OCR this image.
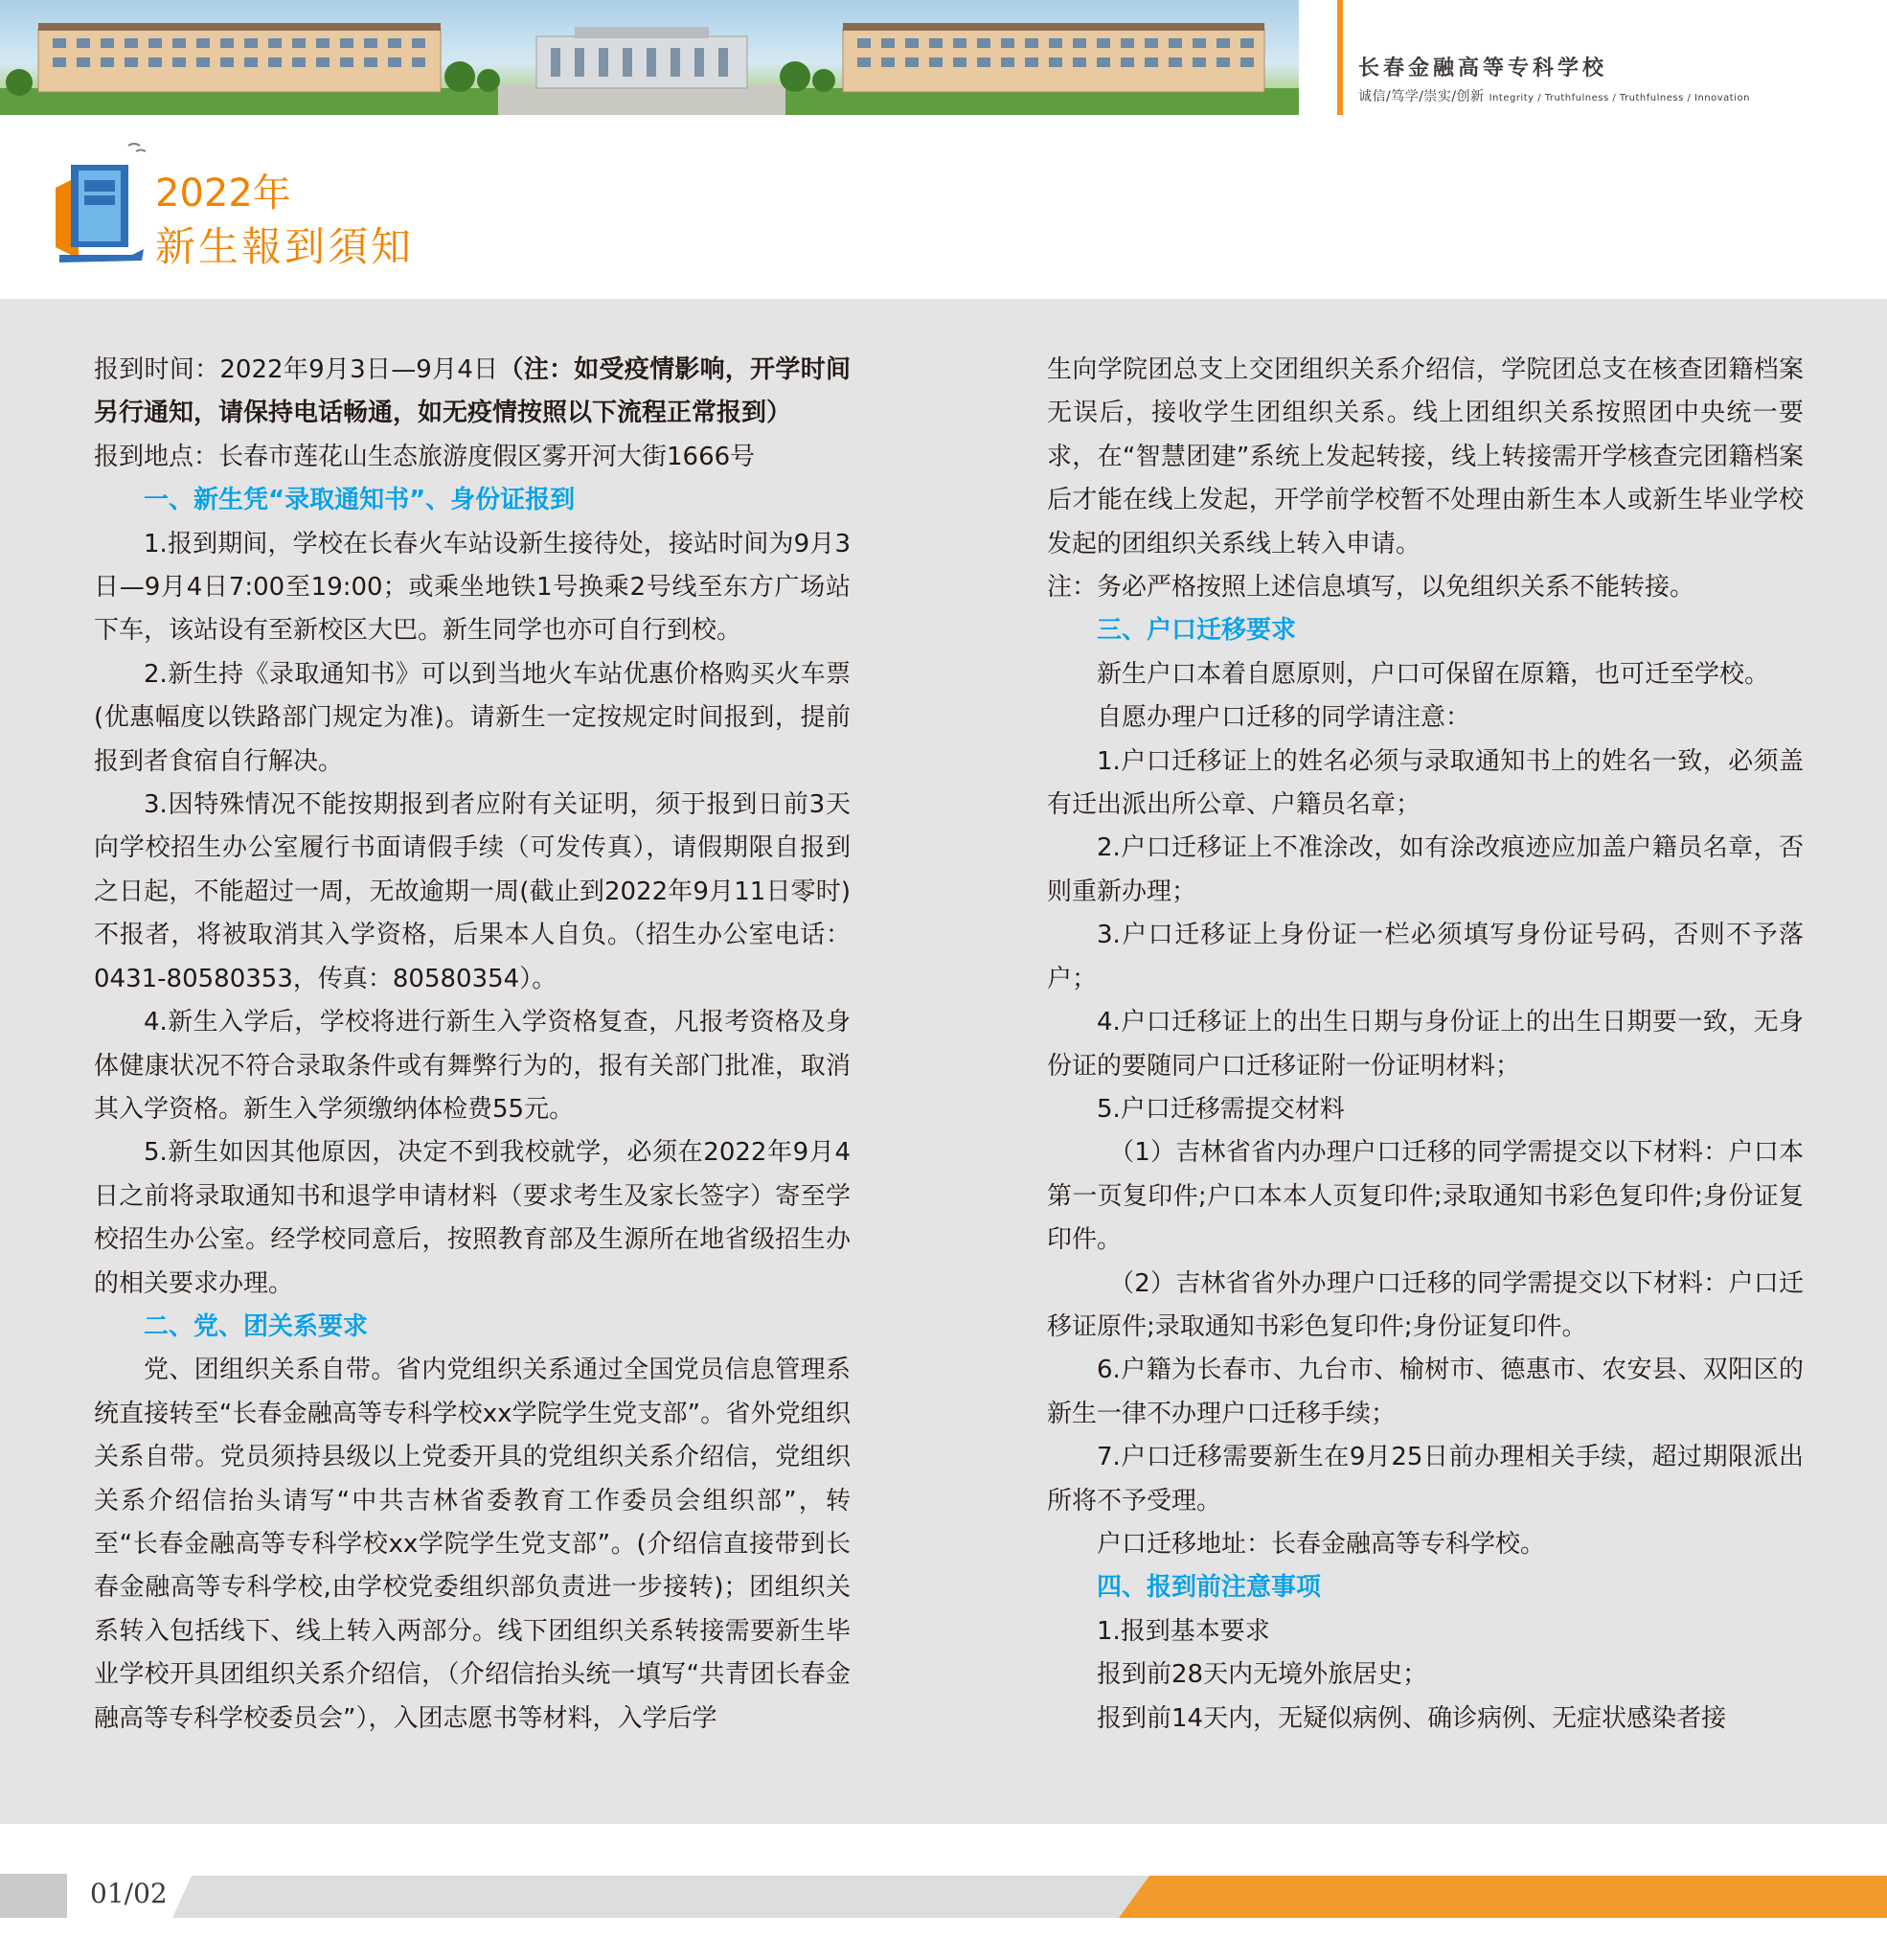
长春金融高等专科学校
诚信/笃学/崇实/创新 Integrity / Truthfulness / Truthfulness / Innovation
2022年
新生報到須知

报到时间：2022年9月3日—9月4日（注：如受疫情影响，开学时间另行通知，请保持电话畅通，如无疫情按照以下流程正常报到）

报到地点：长春市莲花山生态旅游度假区雾开河大街1666号

一、新生凭“录取通知书”、身份证报到

1.报到期间，学校在长春火车站设新生接待处，接站时间为9月3日—9月4日7:00至19:00；或乘坐地铁1号换乘2号线至东方广场站下车，该站设有至新校区大巴。新生同学也亦可自行到校。

2.新生持《录取通知书》可以到当地火车站优惠价格购买火车票(优惠幅度以铁路部门规定为准)。请新生一定按规定时间报到，提前报到者食宿自行解决。

3.因特殊情况不能按期报到者应附有关证明，须于报到日前3天向学校招生办公室履行书面请假手续（可发传真），请假期限自报到之日起，不能超过一周，无故逾期一周(截止到2022年9月11日零时)不报者，将被取消其入学资格，后果本人自负。（招生办公室电话：0431-80580353，传真：80580354）。

4.新生入学后，学校将进行新生入学资格复查，凡报考资格及身体健康状况不符合录取条件或有舞弊行为的，报有关部门批准，取消其入学资格。新生入学须缴纳体检费55元。

5.新生如因其他原因，决定不到我校就学，必须在2022年9月4日之前将录取通知书和退学申请材料（要求考生及家长签字）寄至学校招生办公室。经学校同意后，按照教育部及生源所在地省级招生办的相关要求办理。

二、党、团关系要求

党、团组织关系自带。省内党组织关系通过全国党员信息管理系统直接转至“长春金融高等专科学校xx学院学生党支部”。省外党组织关系自带。党员须持县级以上党委开具的党组织关系介绍信，党组织关系介绍信抬头请写“中共吉林省委教育工作委员会组织部”，转至“长春金融高等专科学校xx学院学生党支部”。(介绍信直接带到长春金融高等专科学校,由学校党委组织部负责进一步接转)；团组织关系转入包括线下、线上转入两部分。线下团组织关系转接需要新生毕业学校开具团组织关系介绍信，（介绍信抬头统一填写“共青团长春金融高等专科学校委员会”），入团志愿书等材料，入学后学

生向学院团总支上交团组织关系介绍信，学院团总支在核查团籍档案无误后，接收学生团组织关系。线上团组织关系按照团中央统一要求，在“智慧团建”系统上发起转接，线上转接需开学核查完团籍档案后才能在线上发起，开学前学校暂不处理由新生本人或新生毕业学校发起的团组织关系线上转入申请。

注：务必严格按照上述信息填写，以免组织关系不能转接。

三、户口迁移要求

新生户口本着自愿原则，户口可保留在原籍，也可迁至学校。

自愿办理户口迁移的同学请注意：

1.户口迁移证上的姓名必须与录取通知书上的姓名一致，必须盖有迁出派出所公章、户籍员名章；

2.户口迁移证上不准涂改，如有涂改痕迹应加盖户籍员名章，否则重新办理；

3.户口迁移证上身份证一栏必须填写身份证号码，否则不予落户；

4.户口迁移证上的出生日期与身份证上的出生日期要一致，无身份证的要随同户口迁移证附一份证明材料；

5.户口迁移需提交材料

（1）吉林省省内办理户口迁移的同学需提交以下材料：户口本第一页复印件;户口本本人页复印件;录取通知书彩色复印件;身份证复印件。

（2）吉林省省外办理户口迁移的同学需提交以下材料：户口迁移证原件;录取通知书彩色复印件;身份证复印件。

6.户籍为长春市、九台市、榆树市、德惠市、农安县、双阳区的新生一律不办理户口迁移手续；

7.户口迁移需要新生在9月25日前办理相关手续，超过期限派出所将不予受理。

户口迁移地址：长春金融高等专科学校。

四、报到前注意事项

1.报到基本要求

报到前28天内无境外旅居史；

报到前14天内，无疑似病例、确诊病例、无症状感染者接

01/02
